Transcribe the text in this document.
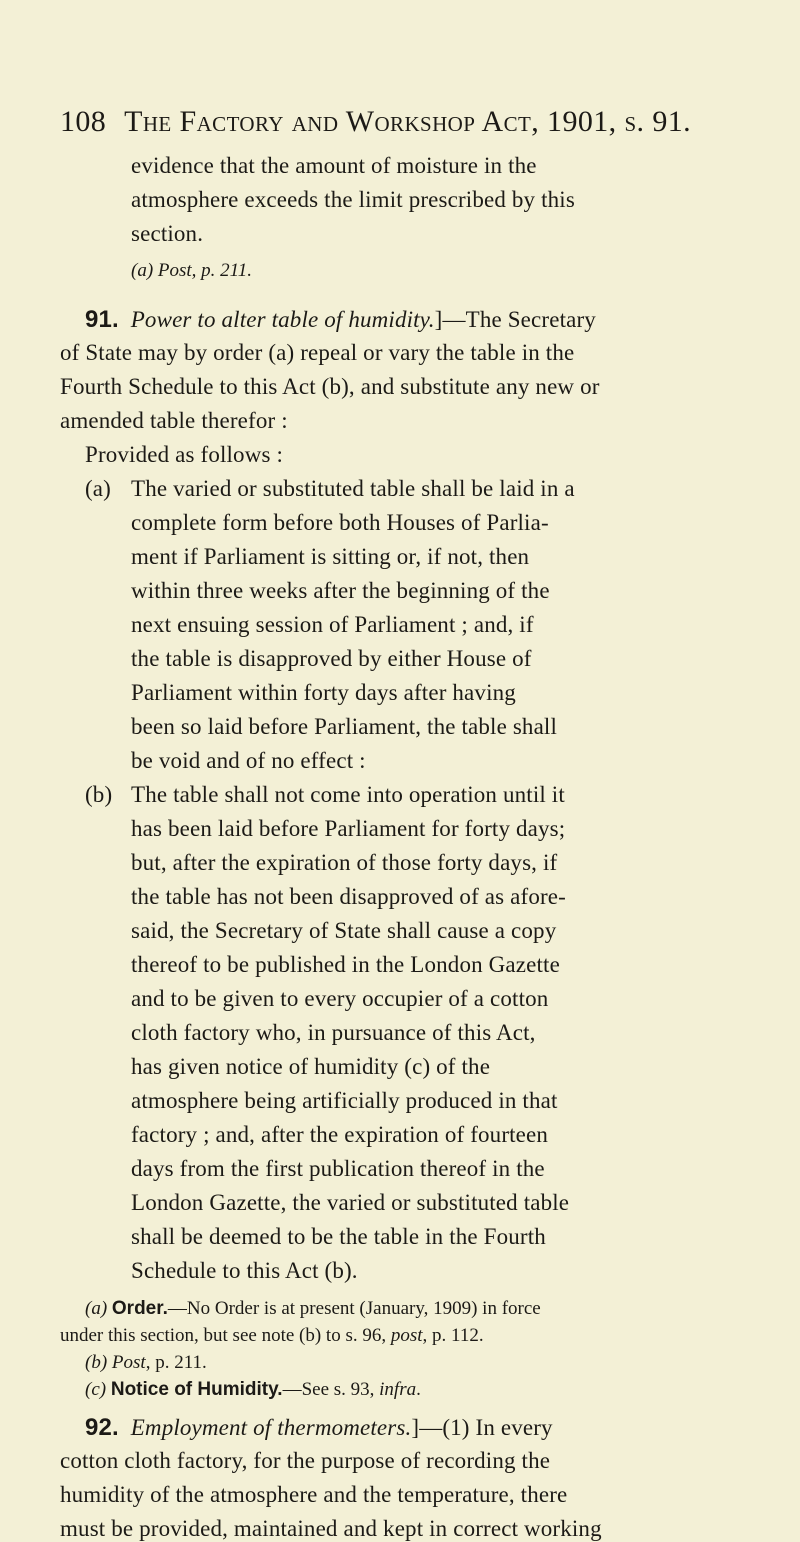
108 The Factory and Workshop Act, 1901, s. 91.
evidence that the amount of moisture in the
atmosphere exceeds the limit prescribed by this
section.
(a) Post, p. 211.
91. Power to alter table of humidity.]—The Secretary
of State may by order (a) repeal or vary the table in the
Fourth Schedule to this Act (b), and substitute any new or
amended table therefor :
Provided as follows :
(a) The varied or substituted table shall be laid in a
complete form before both Houses of Parlia-
ment if Parliament is sitting or, if not, then
within three weeks after the beginning of the
next ensuing session of Parliament ; and, if
the table is disapproved by either House of
Parliament within forty days after having
been so laid before Parliament, the table shall
be void and of no effect :
(b) The table shall not come into operation until it
has been laid before Parliament for forty days;
but, after the expiration of those forty days, if
the table has not been disapproved of as afore-
said, the Secretary of State shall cause a copy
thereof to be published in the London Gazette
and to be given to every occupier of a cotton
cloth factory who, in pursuance of this Act,
has given notice of humidity (c) of the
atmosphere being artificially produced in that
factory ; and, after the expiration of fourteen
days from the first publication thereof in the
London Gazette, the varied or substituted table
shall be deemed to be the table in the Fourth
Schedule to this Act (b).
(a) Order.—No Order is at present (January, 1909) in force
under this section, but see note (b) to s. 96, post, p. 112.
(b) Post, p. 211.
(c) Notice of Humidity.—See s. 93, infra.
92. Employment of thermometers.]—(1) In every
cotton cloth factory, for the purpose of recording the
humidity of the atmosphere and the temperature, there
must be provided, maintained and kept in correct working
